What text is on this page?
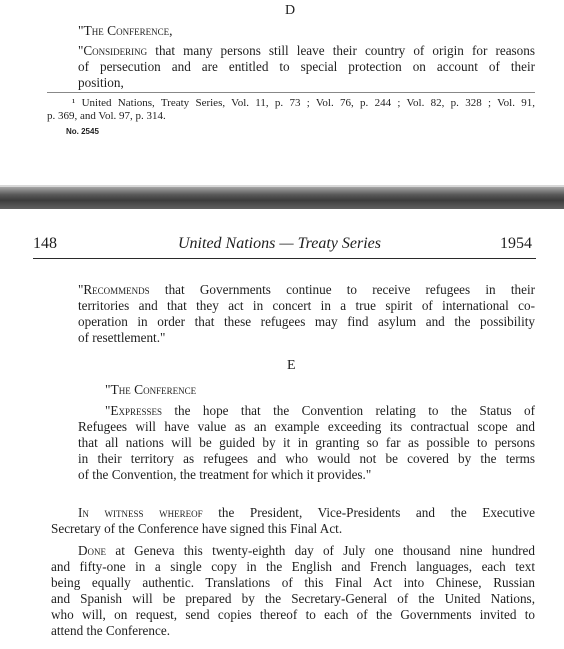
D
"The Conference,
"Considering that many persons still leave their country of origin for reasons
of persecution and are entitled to special protection on account of their
position,
¹ United Nations, Treaty Series, Vol. 11, p. 73 ; Vol. 76, p. 244 ; Vol. 82, p. 328 ; Vol. 91,
p. 369, and Vol. 97, p. 314.
No. 2545
148	United Nations — Treaty Series	1954
"Recommends that Governments continue to receive refugees in their
territories and that they act in concert in a true spirit of international co-
operation in order that these refugees may find asylum and the possibility
of resettlement."
E
"The Conference
"Expresses the hope that the Convention relating to the Status of
Refugees will have value as an example exceeding its contractual scope and
that all nations will be guided by it in granting so far as possible to persons
in their territory as refugees and who would not be covered by the terms
of the Convention, the treatment for which it provides."
In witness whereof the President, Vice-Presidents and the Executive
Secretary of the Conference have signed this Final Act.
Done at Geneva this twenty-eighth day of July one thousand nine hundred
and fifty-one in a single copy in the English and French languages, each text
being equally authentic. Translations of this Final Act into Chinese, Russian
and Spanish will be prepared by the Secretary-General of the United Nations,
who will, on request, send copies thereof to each of the Governments invited to
attend the Conference.
